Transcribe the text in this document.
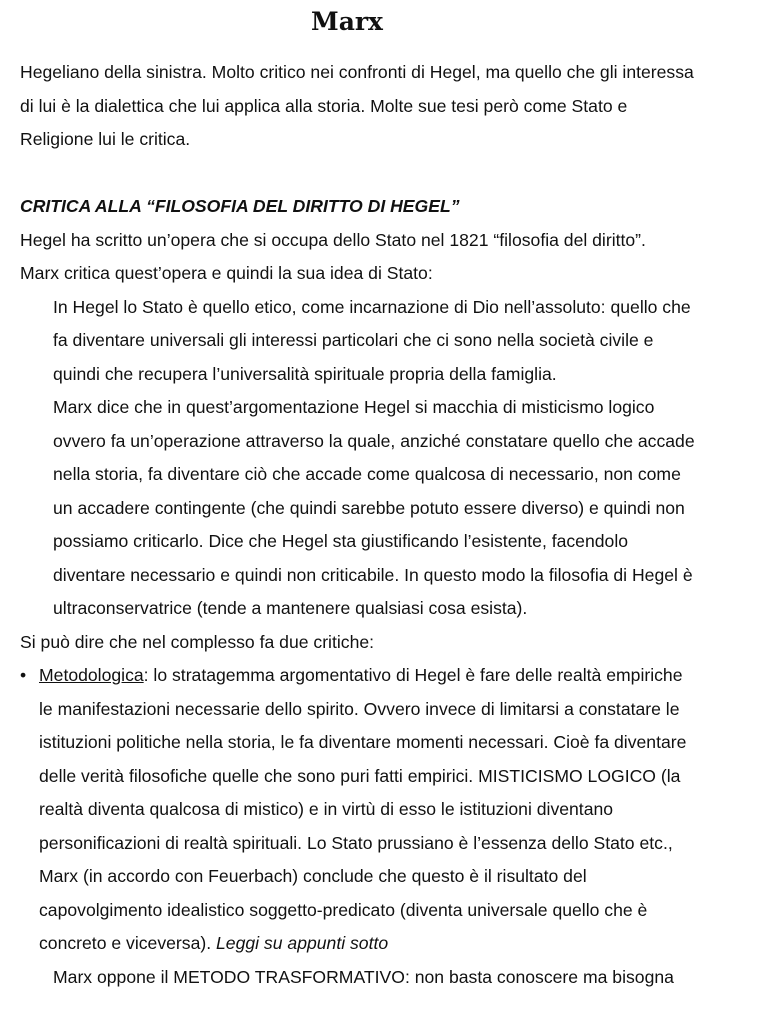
Marx
Hegeliano della sinistra. Molto critico nei confronti di Hegel, ma quello che gli interessa
di lui è la dialettica che lui applica alla storia. Molte sue tesi però come Stato e
Religione lui le critica.
CRITICA ALLA “FILOSOFIA DEL DIRITTO DI HEGEL”
Hegel ha scritto un’opera che si occupa dello Stato nel 1821 “filosofia del diritto”.
Marx critica quest’opera e quindi la sua idea di Stato:
In Hegel lo Stato è quello etico, come incarnazione di Dio nell’assoluto: quello che
fa diventare universali gli interessi particolari che ci sono nella società civile e
quindi che recupera l’universalità spirituale propria della famiglia.
Marx dice che in quest’argomentazione Hegel si macchia di misticismo logico
ovvero fa un’operazione attraverso la quale, anziché constatare quello che accade
nella storia, fa diventare ciò che accade come qualcosa di necessario, non come
un accadere contingente (che quindi sarebbe potuto essere diverso) e quindi non
possiamo criticarlo. Dice che Hegel sta giustificando l’esistente, facendolo
diventare necessario e quindi non criticabile. In questo modo la filosofia di Hegel è
ultraconservatrice (tende a mantenere qualsiasi cosa esista).
Si può dire che nel complesso fa due critiche:
• Metodologica: lo stratagemma argomentativo di Hegel è fare delle realtà empiriche
le manifestazioni necessarie dello spirito. Ovvero invece di limitarsi a constatare le
istituzioni politiche nella storia, le fa diventare momenti necessari. Cioè fa diventare
delle verità filosofiche quelle che sono puri fatti empirici. MISTICISMO LOGICO (la
realtà diventa qualcosa di mistico) e in virtù di esso le istituzioni diventano
personificazioni di realtà spirituali. Lo Stato prussiano è l’essenza dello Stato etc.,
Marx (in accordo con Feuerbach) conclude che questo è il risultato del
capovolgimento idealistico soggetto-predicato (diventa universale quello che è
concreto e viceversa). Leggi su appunti sotto
Marx oppone il METODO TRASFORMATIVO: non basta conoscere ma bisogna
